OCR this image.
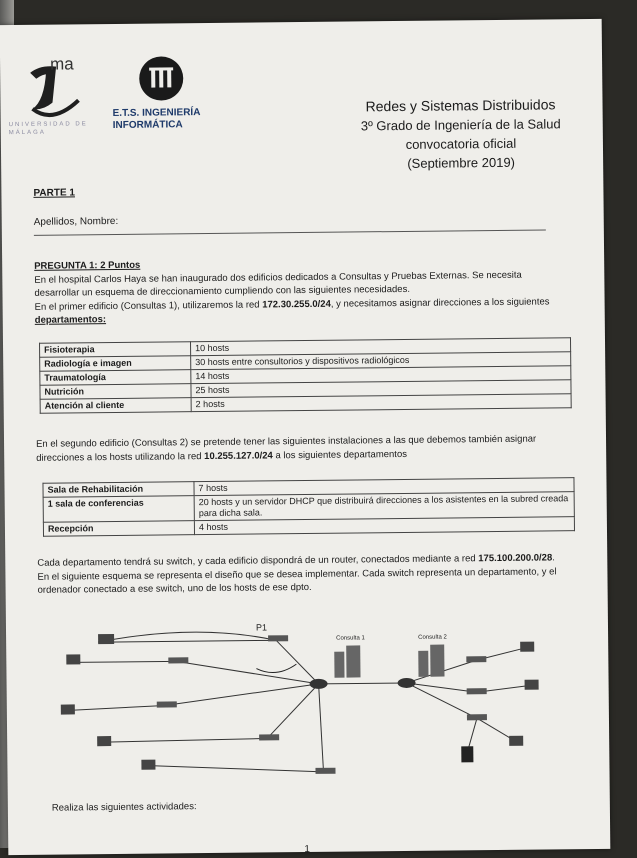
ma
UNIVERSIDAD DE MÁLAGA
E.T.S. INGENIERÍA
INFORMÁTICA
Redes y Sistemas Distribuidos
3º Grado de Ingeniería de la Salud
convocatoria oficial
(Septiembre 2019)
PARTE 1
Apellidos, Nombre:
PREGUNTA 1: 2 Puntos
En el hospital Carlos Haya se han inaugurado dos edificios dedicados a Consultas y Pruebas Externas. Se necesita desarrollar un esquema de direccionamiento cumpliendo con las siguientes necesidades.
En el primer edificio (Consultas 1), utilizaremos la red 172.30.255.0/24, y necesitamos asignar direcciones a los siguientes departamentos:
Fisioterapia	10 hosts
Radiología e imagen	30 hosts entre consultorios y dispositivos radiológicos
Traumatología	14 hosts
Nutrición	25 hosts
Atención al cliente	2 hosts
En el segundo edificio (Consultas 2) se pretende tener las siguientes instalaciones a las que debemos también asignar direcciones a los hosts utilizando la red 10.255.127.0/24 a los siguientes departamentos
Sala de Rehabilitación	7 hosts
1 sala de conferencias	20 hosts y un servidor DHCP que distribuirá direcciones a los asistentes en la subred creada para dicha sala.
Recepción	4 hosts
Cada departamento tendrá su switch, y cada edificio dispondrá de un router, conectados mediante a red 175.100.200.0/28.
En el siguiente esquema se representa el diseño que se desea implementar. Cada switch representa un departamento, y el ordenador conectado a ese switch, uno de los hosts de ese dpto.
Consulta 1	Consulta 2
P1
Realiza las siguientes actividades:
1
